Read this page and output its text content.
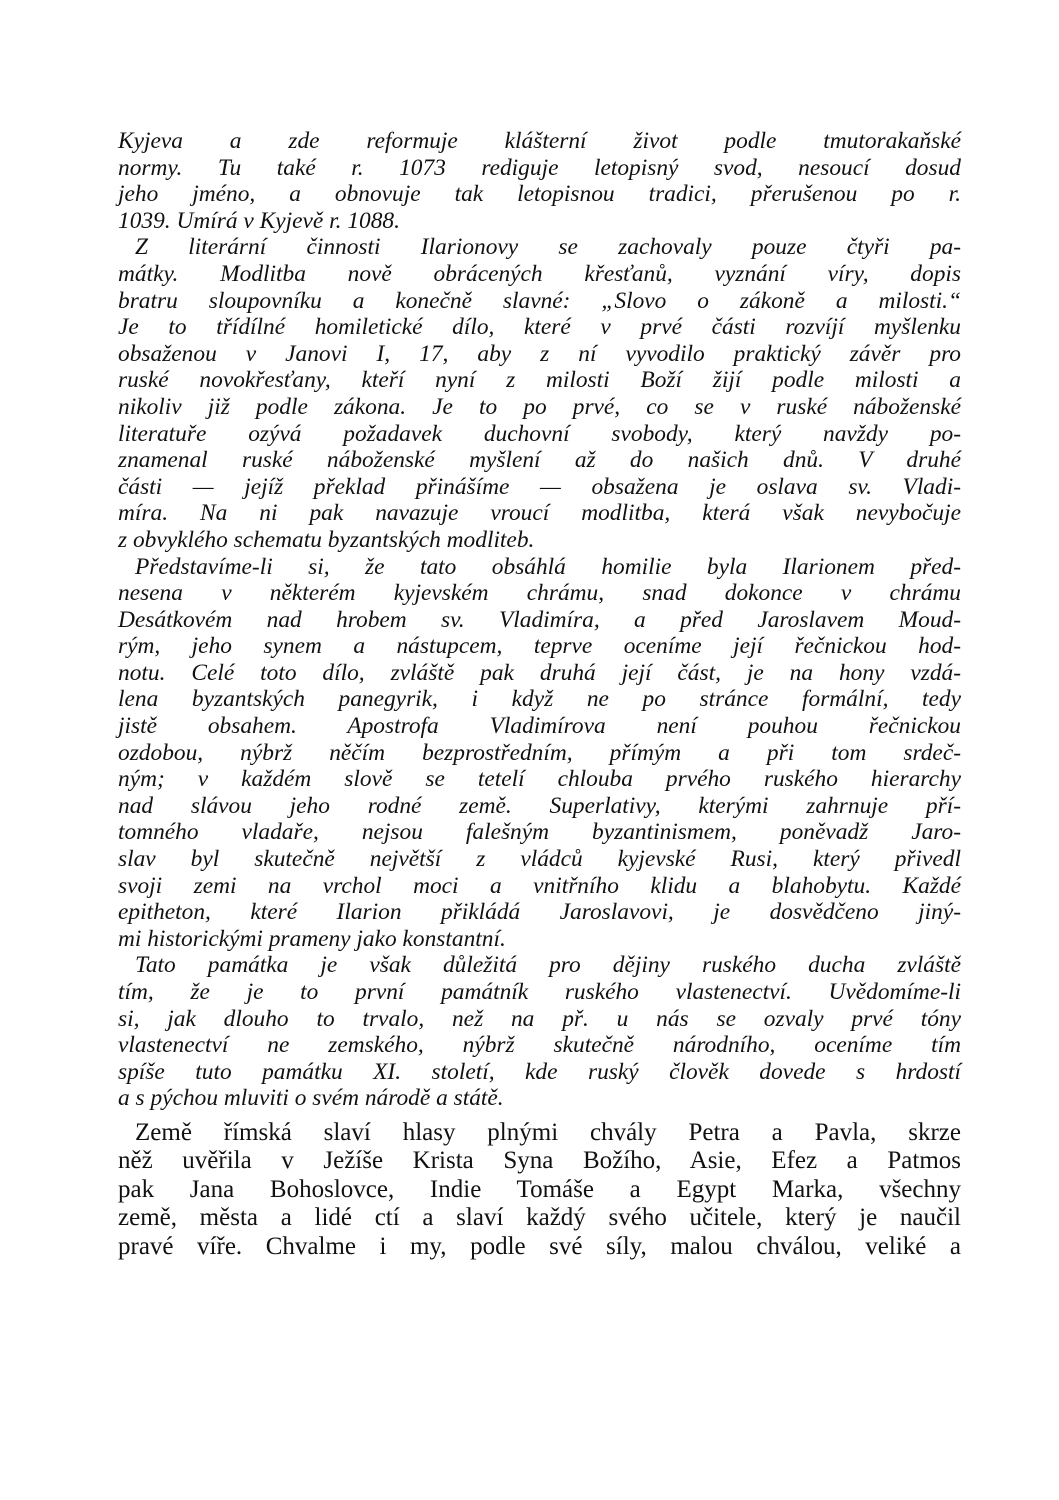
Kyjeva a zde reformuje klášterní život podle tmutorakaňské
normy. Tu také r. 1073 rediguje letopisný svod, nesoucí dosud
jeho jméno, a obnovuje tak letopisnou tradici, přerušenou po r.
1039. Umírá v Kyjevě r. 1088.
Z literární činnosti Ilarionovy se zachovaly pouze čtyři pa-
mátky. Modlitba nově obrácených křesťanů, vyznání víry, dopis
bratru sloupovníku a konečně slavné: „Slovo o zákoně a milosti.“
Je to třídílné homiletické dílo, které v prvé části rozvíjí myšlenku
obsaženou v Janovi I, 17, aby z ní vyvodilo praktický závěr pro
ruské novokřesťany, kteří nyní z milosti Boží žijí podle milosti a
nikoliv již podle zákona. Je to po prvé, co se v ruské náboženské
literatuře ozývá požadavek duchovní svobody, který navždy po-
znamenal ruské náboženské myšlení až do našich dnů. V druhé
části — jejíž překlad přinášíme — obsažena je oslava sv. Vladi-
míra. Na ni pak navazuje vroucí modlitba, která však nevybočuje
z obvyklého schematu byzantských modliteb.
Představíme-li si, že tato obsáhlá homilie byla Ilarionem před-
nesena v některém kyjevském chrámu, snad dokonce v chrámu
Desátkovém nad hrobem sv. Vladimíra, a před Jaroslavem Moud-
rým, jeho synem a nástupcem, teprve oceníme její řečnickou hod-
notu. Celé toto dílo, zvláště pak druhá její část, je na hony vzdá-
lena byzantských panegyrik, i když ne po stránce formální, tedy
jistě obsahem. Apostrofa Vladimírova není pouhou řečnickou
ozdobou, nýbrž něčím bezprostředním, přímým a při tom srdeč-
ným; v každém slově se tetelí chlouba prvého ruského hierarchy
nad slávou jeho rodné země. Superlativy, kterými zahrnuje pří-
tomného vladaře, nejsou falešným byzantinismem, poněvadž Jaro-
slav byl skutečně největší z vládců kyjevské Rusi, který přivedl
svoji zemi na vrchol moci a vnitřního klidu a blahobytu. Každé
epitheton, které Ilarion přikládá Jaroslavovi, je dosvědčeno jiný-
mi historickými prameny jako konstantní.
Tato památka je však důležitá pro dějiny ruského ducha zvláště
tím, že je to první památník ruského vlastenectví. Uvědomíme-li
si, jak dlouho to trvalo, než na př. u nás se ozvaly prvé tóny
vlastenectví ne zemského, nýbrž skutečně národního, oceníme tím
spíše tuto památku XI. století, kde ruský člověk dovede s hrdostí
a s pýchou mluviti o svém národě a státě.
Země římská slaví hlasy plnými chvály Petra a Pavla, skrze
něž uvěřila v Ježíše Krista Syna Božího, Asie, Efez a Patmos
pak Jana Bohoslovce, Indie Tomáše a Egypt Marka, všechny
země, města a lidé ctí a slaví každý svého učitele, který je naučil
pravé víře. Chvalme i my, podle své síly, malou chválou, veliké a
